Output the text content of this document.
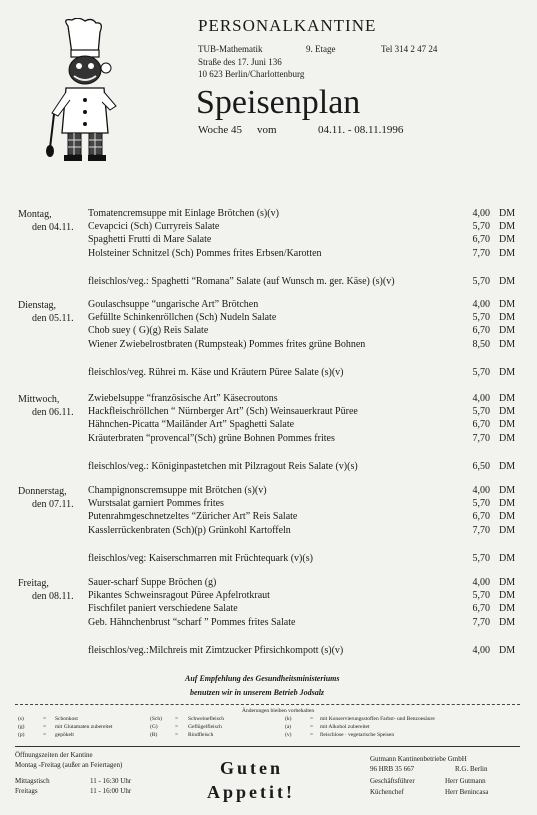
PERSONALKANTINE
TUB-Mathematik	9. Etage	Tel 314 2 47 24
Straße des 17. Juni 136
10 623 Berlin/Charlottenburg
Speisenplan
Woche 45 vom	04.11. - 08.11.1996
Montag,
den 04.11.
Tomatencremsuppe mit Einlage Brötchen (s)(v)	4,00 DM
Cevapcici (Sch) Curryreis Salate	5,70 DM
Spaghetti Frutti di Mare Salate	6,70 DM
Holsteiner Schnitzel (Sch) Pommes frites Erbsen/Karotten	7,70 DM
fleischlos/veg.: Spaghetti “Romana” Salate (auf Wunsch m. ger. Käse) (s)(v)	5,70 DM
Dienstag,
den 05.11.
Goulaschsuppe “ungarische Art” Brötchen	4,00 DM
Gefüllte Schinkenröllchen (Sch) Nudeln Salate	5,70 DM
Chob suey ( G)(g) Reis Salate	6,70 DM
Wiener Zwiebelrostbraten (Rumpsteak) Pommes frites grüne Bohnen	8,50 DM
fleischlos/veg. Rühreі m. Käse und Kräutern Püree Salate (s)(v)	5,70 DM
Mittwoch,
den 06.11.
Zwiebelsuppe “französische Art” Käsecroutons	4,00 DM
Hackfleischröllchen “ Nürnberger Art” (Sch) Weinsauerkraut Püree	5,70 DM
Hähnchen-Picatta “Mailänder Art” Spaghetti Salate	6,70 DM
Kräuterbraten “provencal”(Sch) grüne Bohnen Pommes frites	7,70 DM
fleischlos/veg.: Königinpastetchen mit Pilzragout Reis Salate (v)(s)	6,50 DM
Donnerstag,
den 07.11.
Champignonscremsuppe mit Brötchen (s)(v)	4,00 DM
Wurstsalat garniert Pommes frites	5,70 DM
Putenrahmgeschnetzeltes “Züricher Art” Reis Salate	6,70 DM
Kasslerrückenbraten (Sch)(p) Grünkohl Kartoffeln	7,70 DM
fleischlos/veg: Kaiserschmarren mit Früchtequark (v)(s)	5,70 DM
Freitag,
den 08.11.
Sauer-scharf Suppe Bröchen (g)	4,00 DM
Pikantes Schweinsragout Püree Apfelrotkraut	5,70 DM
Fischfilet paniert verschiedene Salate	6,70 DM
Geb. Hähnchenbrust “scharf ” Pommes frites Salate	7,70 DM
fleischlos/veg.:Milchreis mit Zimtzucker Pfirsichkompott (s)(v)	4,00 DM
Auf Empfehlung des Gesundheitsministeriums
benutzen wir in unserem Betrieb Jodsalz
Änderungen bleiben vorbehalten
(s)	Schonkost
=
(g)	mit Glutamaten zubereitet
=
(p)	gepökelt
=
(Sch)	Schweinefleisch
=
(G)	Geflügelfleisch
=
(R)	Rindfleisch
=
(k)	mit Konservierungsstoffen Farbst- und Benzoesäure
=
(a)	mit Alkohol zubereitet
=
(v)	fleischlose · vegetarische Speisen
=
Öffnungszeiten der Kantine
Montag -Freitag (außer an Feiertagen)
Mittagstisch	11 - 16:30 Uhr
Freitags	11 - 16:00 Uhr
Guten
Appetit!
Gutmann Kantinenbetriebe GmbH
96 HRB 35 667	R.G. Berlin
Geschäftsführer	Herr Gutmann
Küchenchef	Herr Benincasa
